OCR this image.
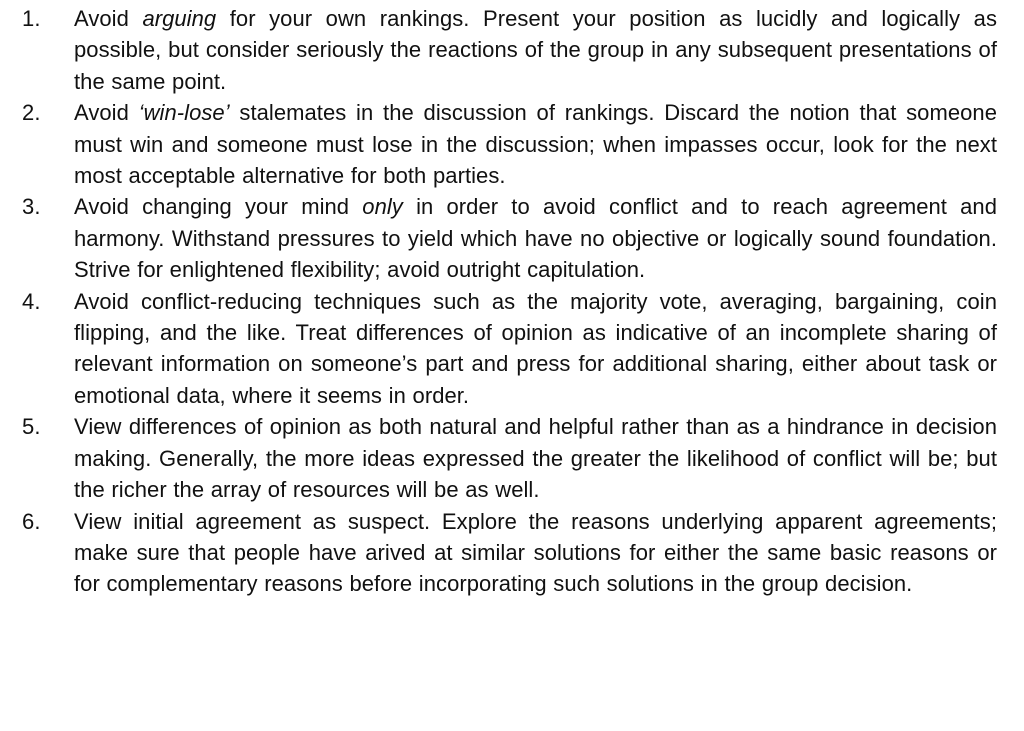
1.	Avoid arguing for your own rankings. Present your position as lucidly and logically as possible, but consider seriously the reactions of the group in any subsequent presentations of the same point.
2.	Avoid ‘win-lose’ stalemates in the discussion of rankings. Discard the notion that someone must win and someone must lose in the discussion; when impasses occur, look for the next most acceptable alternative for both parties.
3.	Avoid changing your mind only in order to avoid conflict and to reach agreement and harmony. Withstand pressures to yield which have no objective or logically sound foundation. Strive for enlightened flexibility; avoid outright capitulation.
4.	Avoid conflict-reducing techniques such as the majority vote, averaging, bargaining, coin flipping, and the like. Treat differences of opinion as indicative of an incomplete sharing of relevant information on someone’s part and press for additional sharing, either about task or emotional data, where it seems in order.
5.	View differences of opinion as both natural and helpful rather than as a hindrance in decision making. Generally, the more ideas expressed the greater the likelihood of conflict will be; but the richer the array of resources will be as well.
6.	View initial agreement as suspect. Explore the reasons underlying apparent agreements; make sure that people have arived at similar solutions for either the same basic reasons or for complementary reasons before incorporating such solutions in the group decision.
